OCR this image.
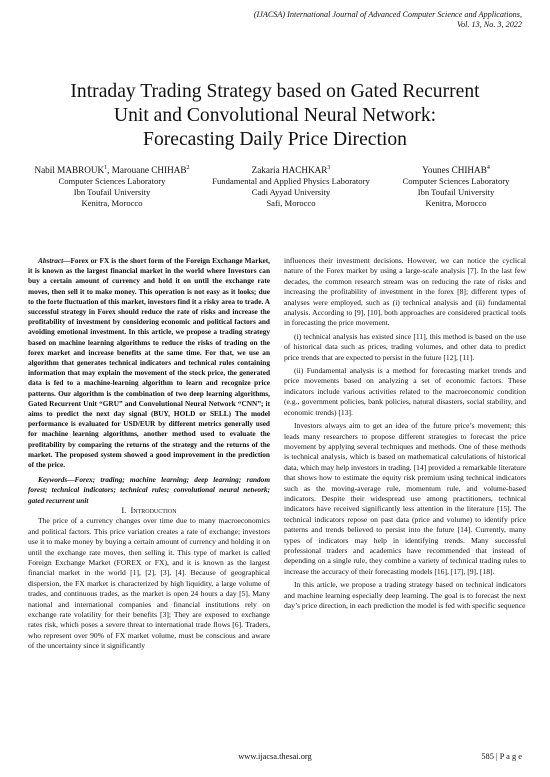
(IJACSA) International Journal of Advanced Computer Science and Applications,
Vol. 13, No. 3, 2022
Intraday Trading Strategy based on Gated Recurrent
Unit and Convolutional Neural Network:
Forecasting Daily Price Direction
Nabil MABROUK$^1$, Marouane CHIHAB$^2$
Computer Sciences Laboratory
Ibn Toufail University
Kenitra, Morocco
Zakaria HACHKAR$^3$
Fundamental and Applied Physics Laboratory
Cadi Ayyad University
Safi, Morocco
Younes CHIHAB$^4$
Computer Sciences Laboratory
Ibn Toufail University
Kenitra, Morocco

Abstract—Forex or FX is the short form of the Foreign Exchange Market, it is known as the largest financial market in the world where Investors can buy a certain amount of currency and hold it on until the exchange rate moves, then sell it to make money. This operation is not easy as it looks; due to the forte fluctuation of this market, investors find it a risky area to trade. A successful strategy in Forex should reduce the rate of risks and increase the profitability of investment by considering economic and political factors and avoiding emotional investment. In this article, we propose a trading strategy based on machine learning algorithms to reduce the risks of trading on the forex market and increase benefits at the same time. For that, we use an algorithm that generates technical indicators and technical rules containing information that may explain the movement of the stock price, the generated data is fed to a machine-learning algorithm to learn and recognize price patterns. Our algorithm is the combination of two deep learning algorithms, Gated Recurrent Unit “GRU” and Convolutional Neural Network “CNN”; it aims to predict the next day signal (BUY, HOLD or SELL) The model performance is evaluated for USD/EUR by different metrics generally used for machine learning algorithms, another method used to evaluate the profitability by comparing the returns of the strategy and the returns of the market. The proposed system showed a good improvement in the prediction of the price.

Keywords—Forex; trading; machine learning; deep learning; random forest; technical indicators; technical rules; convolutional neural network; gated recurrent unit

I. Introduction

The price of a currency changes over time due to many macroeconomics and political factors. This price variation creates a rate of exchange; investors use it to make money by buying a certain amount of currency and holding it on until the exchange rate moves, then selling it. This type of market is called Foreign Exchange Market (FOREX or FX), and it is known as the largest financial market in the world [1], [2], [3], [4]. Because of geographical dispersion, the FX market is characterized by high liquidity, a large volume of trades, and continuous trades, as the market is open 24 hours a day [5]. Many national and international companies and financial institutions rely on exchange rate volatility for their benefits [3]; They are exposed to exchange rates risk, which poses a severe threat to international trade flows [6]. Traders, who represent over 90% of FX market volume, must be conscious and aware of the uncertainty since it significantly

influences their investment decisions. However, we can notice the cyclical nature of the Forex market by using a large-scale analysis [7]. In the last few decades, the common research stream was on reducing the rate of risks and increasing the profitability of investment in the forex [8]; different types of analyses were employed, such as (i) technical analysis and (ii) fundamental analysis. According to [9], [10], both approaches are considered practical tools in forecasting the price movement.

(i) technical analysis has existed since [11], this method is based on the use of historical data such as prices, trading volumes, and other data to predict price trends that are expected to persist in the future [12], [11].

(ii) Fundamental analysis is a method for forecasting market trends and price movements based on analyzing a set of economic factors. These indicators include various activities related to the macroeconomic condition (e.g., government policies, bank policies, natural disasters, social stability, and economic trends) [13].

Investors always aim to get an idea of the future price’s movement; this leads many researchers to propose different strategies to forecast the price movement by applying several techniques and methods. One of these methods is technical analysis, which is based on mathematical calculations of historical data, which may help investors in trading. [14] provided a remarkable literature that shows how to estimate the equity risk premium using technical indicators such as the moving-average rule, momentum rule, and volume-based indicators. Despite their widespread use among practitioners, technical indicators have received significantly less attention in the literature [15]. The technical indicators repose on past data (price and volume) to identify price patterns and trends believed to persist into the future [14]. Currently, many types of indicators may help in identifying trends. Many successful professional traders and academics have recommended that instead of depending on a single rule, they combine a variety of technical trading rules to increase the accuracy of their forecasting models [16], [17], [9], [18].

In this article, we propose a trading strategy based on technical indicators and machine learning especially deep learning. The goal is to forecast the next day’s price direction, in each prediction the model is fed with specific sequence

www.ijacsa.thesai.org	585 | P a g e
